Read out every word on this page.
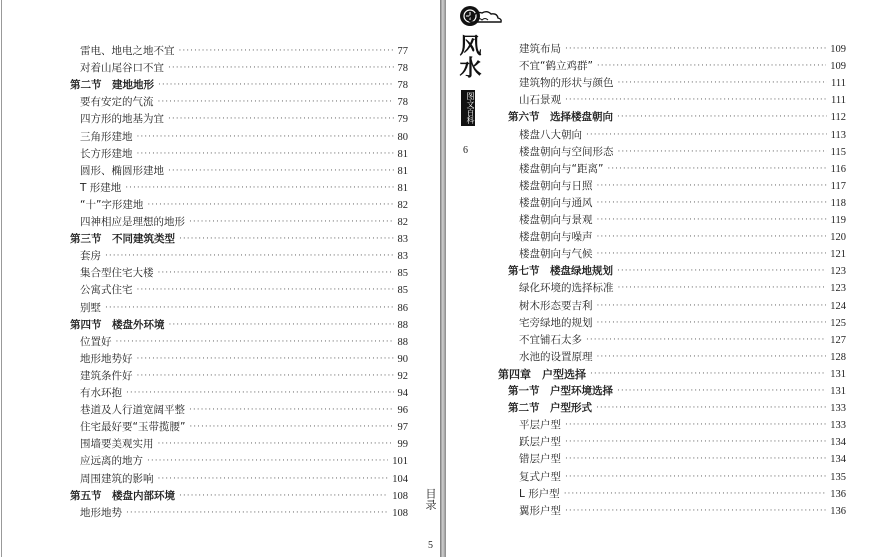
雷电、地电之地不宜 ·····	77
对着山尾谷口不宜 ·····	78
第二节　建地地形 ·····	78
要有安定的气流 ·····	78
四方形的地基为宜 ·····	79
三角形建地 ·····	80
长方形建地 ·····	81
圆形、椭圆形建地 ·····	81
T 形建地 ·····	81
“十”字形建地 ·····	82
四神相应是理想的地形 ·····	82
第三节　不同建筑类型 ·····	83
套房 ·····	83
集合型住宅大楼 ·····	85
公寓式住宅 ·····	85
别墅 ·····	86
第四节　楼盘外环境 ·····	88
位置好 ·····	88
地形地势好 ·····	90
建筑条件好 ·····	92
有水环抱 ·····	94
巷道及人行道宽阔平整 ·····	96
住宅最好要“玉带揽腰” ·····	97
围墙要美观实用 ·····	99
应远离的地方 ·····	101
周围建筑的影响 ·····	104
第五节　楼盘内部环境 ·····	108
地形地势 ·····	108
建筑布局 ·····	109
不宜“鹤立鸡群” ·····	109
建筑物的形状与颜色 ·····	111
山石景观 ·····	111
第六节　选择楼盘朝向 ·····	112
楼盘八大朝向 ·····	113
楼盘朝向与空间形态 ·····	115
楼盘朝向与“距离” ·····	116
楼盘朝向与日照 ·····	117
楼盘朝向与通风 ·····	118
楼盘朝向与景观 ·····	119
楼盘朝向与噪声 ·····	120
楼盘朝向与气候 ·····	121
第七节　楼盘绿地规划 ·····	123
绿化环境的选择标准 ·····	123
树木形态要吉利 ·····	124
宅旁绿地的规划 ·····	125
不宜铺石太多 ·····	127
水池的设置原理 ·····	128
第四章　户型选择 ·····	131
第一节　户型环境选择 ·····	131
第二节　户型形式 ·····	133
平层户型 ·····	133
跃层户型 ·····	134
错层户型 ·····	134
复式户型 ·····	135
L 形户型 ·····	136
翼形户型 ·····	136
风水
图文百科
6
目录
5
